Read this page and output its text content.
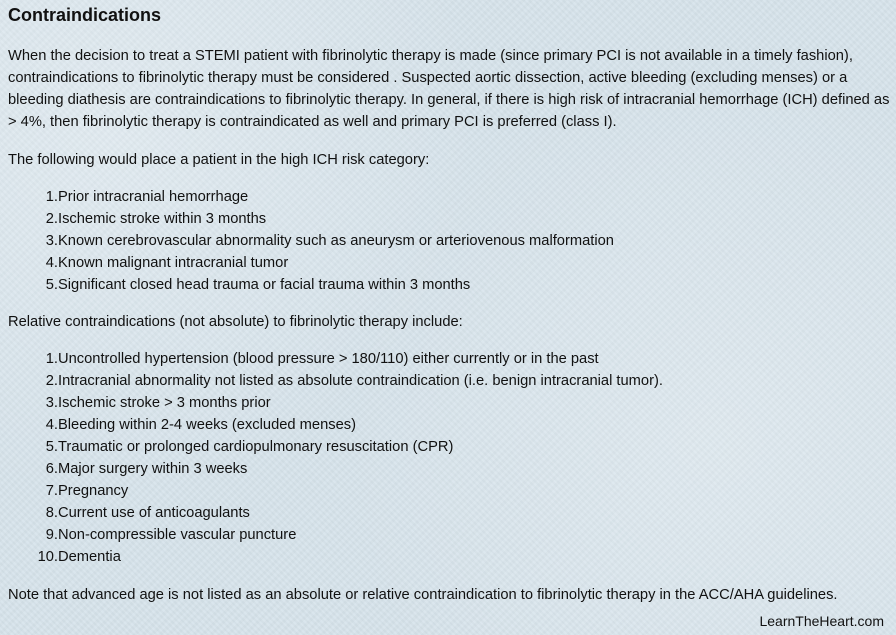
Contraindications

When the decision to treat a STEMI patient with fibrinolytic therapy is made (since primary PCI is not available in a timely fashion), contraindications to fibrinolytic therapy must be considered . Suspected aortic dissection, active bleeding (excluding menses) or a bleeding diathesis are contraindications to fibrinolytic therapy. In general, if there is high risk of intracranial hemorrhage (ICH) defined as > 4%, then fibrinolytic therapy is contraindicated as well and primary PCI is preferred (class I).

The following would place a patient in the high ICH risk category:

1. Prior intracranial hemorrhage
2. Ischemic stroke within 3 months
3. Known cerebrovascular abnormality such as aneurysm or arteriovenous malformation
4. Known malignant intracranial tumor
5. Significant closed head trauma or facial trauma within 3 months

Relative contraindications (not absolute) to fibrinolytic therapy include:

1. Uncontrolled hypertension (blood pressure > 180/110) either currently or in the past
2. Intracranial abnormality not listed as absolute contraindication (i.e. benign intracranial tumor).
3. Ischemic stroke > 3 months prior
4. Bleeding within 2-4 weeks (excluded menses)
5. Traumatic or prolonged cardiopulmonary resuscitation (CPR)
6. Major surgery within 3 weeks
7. Pregnancy
8. Current use of anticoagulants
9. Non-compressible vascular puncture
10. Dementia

Note that advanced age is not listed as an absolute or relative contraindication to fibrinolytic therapy in the ACC/AHA guidelines.

LearnTheHeart.com
